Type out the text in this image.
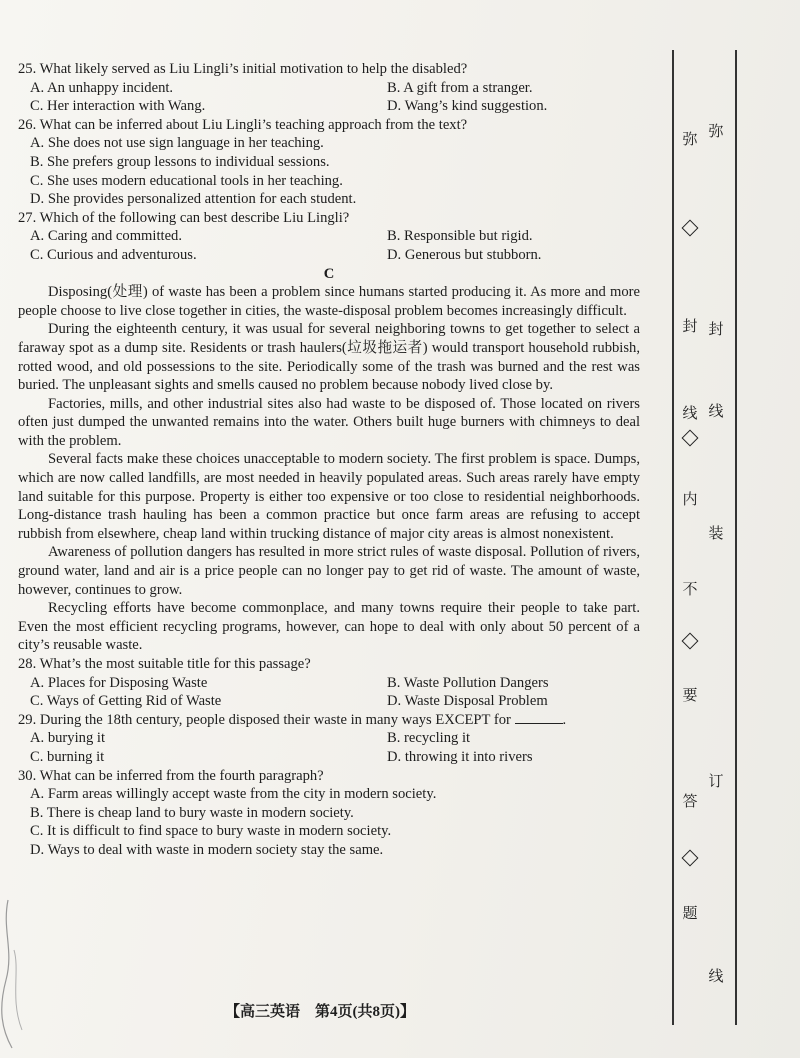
25. What likely served as Liu Lingli’s initial motivation to help the disabled?

A. An unhappy incident.	B. A gift from a stranger.
C. Her interaction with Wang.	D. Wang’s kind suggestion.

26. What can be inferred about Liu Lingli’s teaching approach from the text?

A. She does not use sign language in her teaching.

B. She prefers group lessons to individual sessions.

C. She uses modern educational tools in her teaching.

D. She provides personalized attention for each student.

27. Which of the following can best describe Liu Lingli?

A. Caring and committed.	B. Responsible but rigid.
C. Curious and adventurous.	D. Generous but stubborn.

C

Disposing(处理) of waste has been a problem since humans started producing it. As more and more people choose to live close together in cities, the waste-disposal problem becomes increasingly difficult.

During the eighteenth century, it was usual for several neighboring towns to get together to select a faraway spot as a dump site. Residents or trash haulers(垃圾拖运者) would transport household rubbish, rotted wood, and old possessions to the site. Periodically some of the trash was burned and the rest was buried. The unpleasant sights and smells caused no problem because nobody lived close by.

Factories, mills, and other industrial sites also had waste to be disposed of. Those located on rivers often just dumped the unwanted remains into the water. Others built huge burners with chimneys to deal with the problem.

Several facts make these choices unacceptable to modern society. The first problem is space. Dumps, which are now called landfills, are most needed in heavily populated areas. Such areas rarely have empty land suitable for this purpose. Property is either too expensive or too close to residential neighborhoods. Long-distance trash hauling has been a common practice but once farm areas are refusing to accept rubbish from elsewhere, cheap land within trucking distance of major city areas is almost nonexistent.

Awareness of pollution dangers has resulted in more strict rules of waste disposal. Pollution of rivers, ground water, land and air is a price people can no longer pay to get rid of waste. The amount of waste, however, continues to grow.

Recycling efforts have become commonplace, and many towns require their people to take part. Even the most efficient recycling programs, however, can hope to deal with only about 50 percent of a city’s reusable waste.

28. What’s the most suitable title for this passage?

A. Places for Disposing Waste	B. Waste Pollution Dangers
C. Ways of Getting Rid of Waste	D. Waste Disposal Problem

29. During the 18th century, people disposed their waste in many ways EXCEPT for	.

A. burying it	B. recycling it
C. burning it	D. throwing it into rivers

30. What can be inferred from the fourth paragraph?

A. Farm areas willingly accept waste from the city in modern society.

B. There is cheap land to bury waste in modern society.

C. It is difficult to find space to bury waste in modern society.

D. Ways to deal with waste in modern society stay the same.

【高三英语　第4页(共8页)】
弥
封
线
内
不
要
答
题
弥
封
线
装
订
线
